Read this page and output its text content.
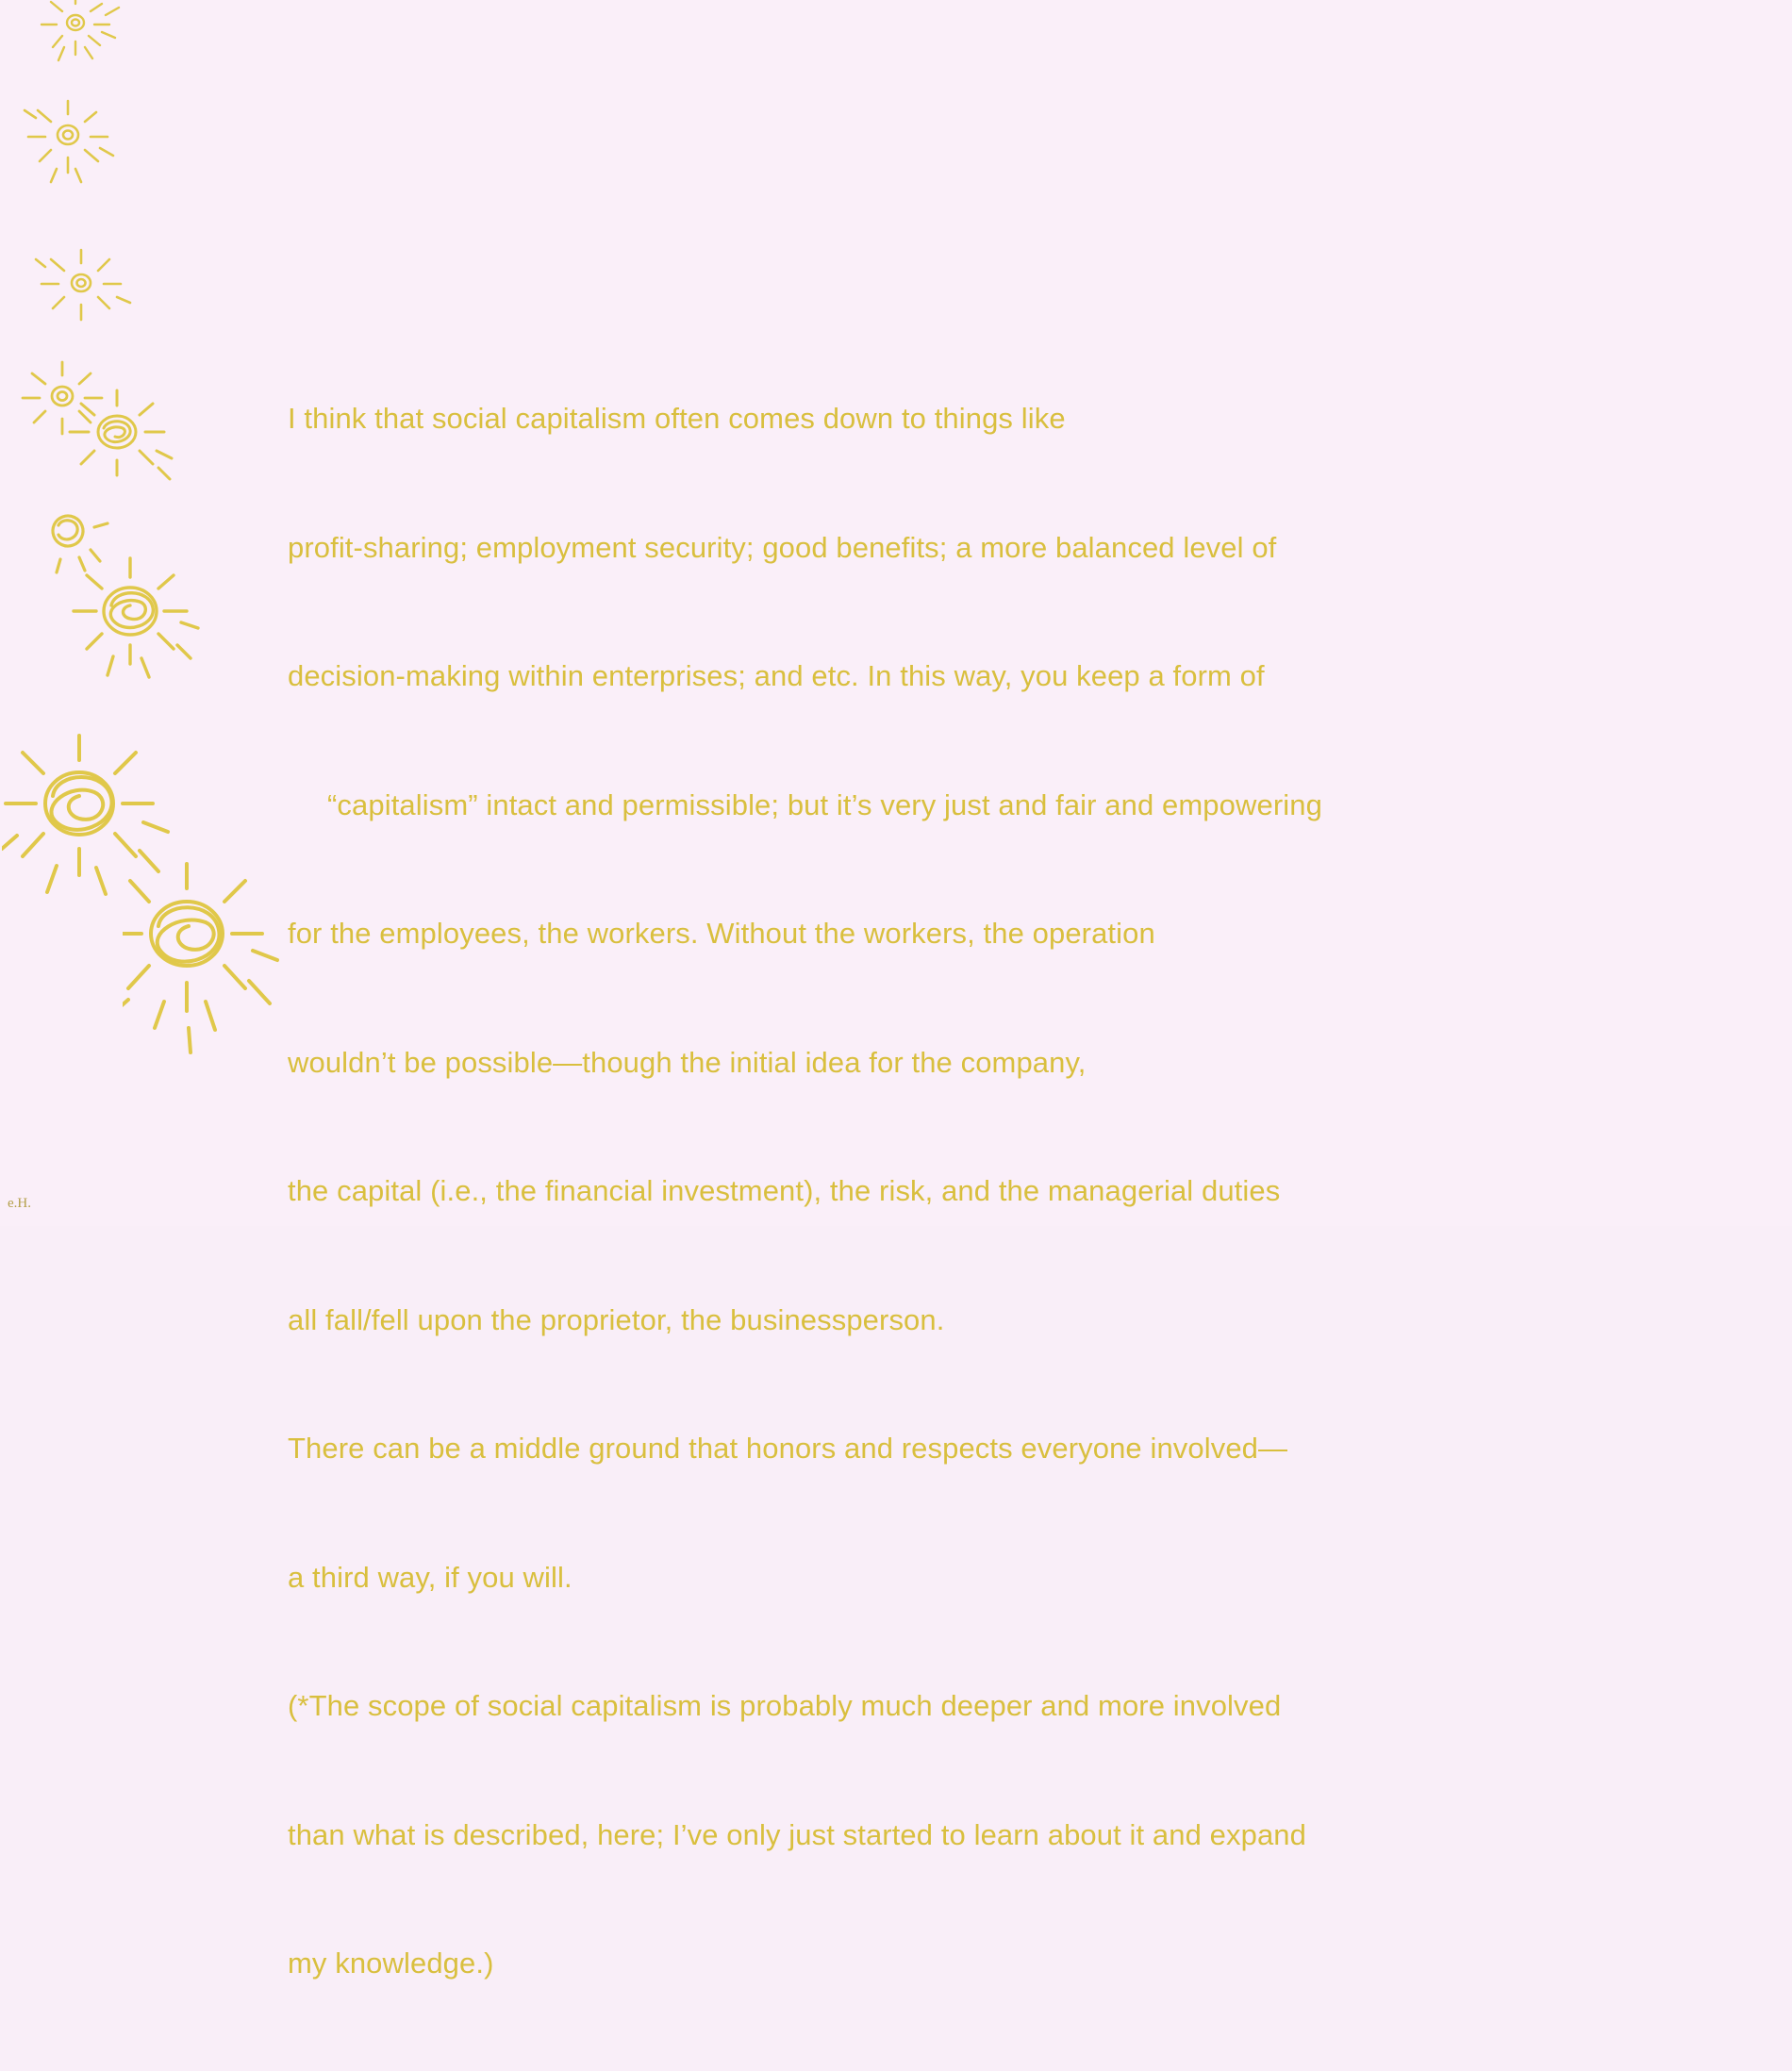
I think that social capitalism often comes down to things like

profit-sharing; employment security; good benefits; a more balanced level of

decision-making within enterprises; and etc. In this way, you keep a form of

“capitalism” intact and permissible; but it’s very just and fair and empowering

for the employees, the workers. Without the workers, the operation

wouldn’t be possible—though the initial idea for the company,

the capital (i.e., the financial investment), the risk, and the managerial duties

all fall/fell upon the proprietor, the businessperson.

There can be a middle ground that honors and respects everyone involved—

a third way, if you will.

(*The scope of social capitalism is probably much deeper and more involved

than what is described, here; I’ve only just started to learn about it and expand

my knowledge.)

e.H.
